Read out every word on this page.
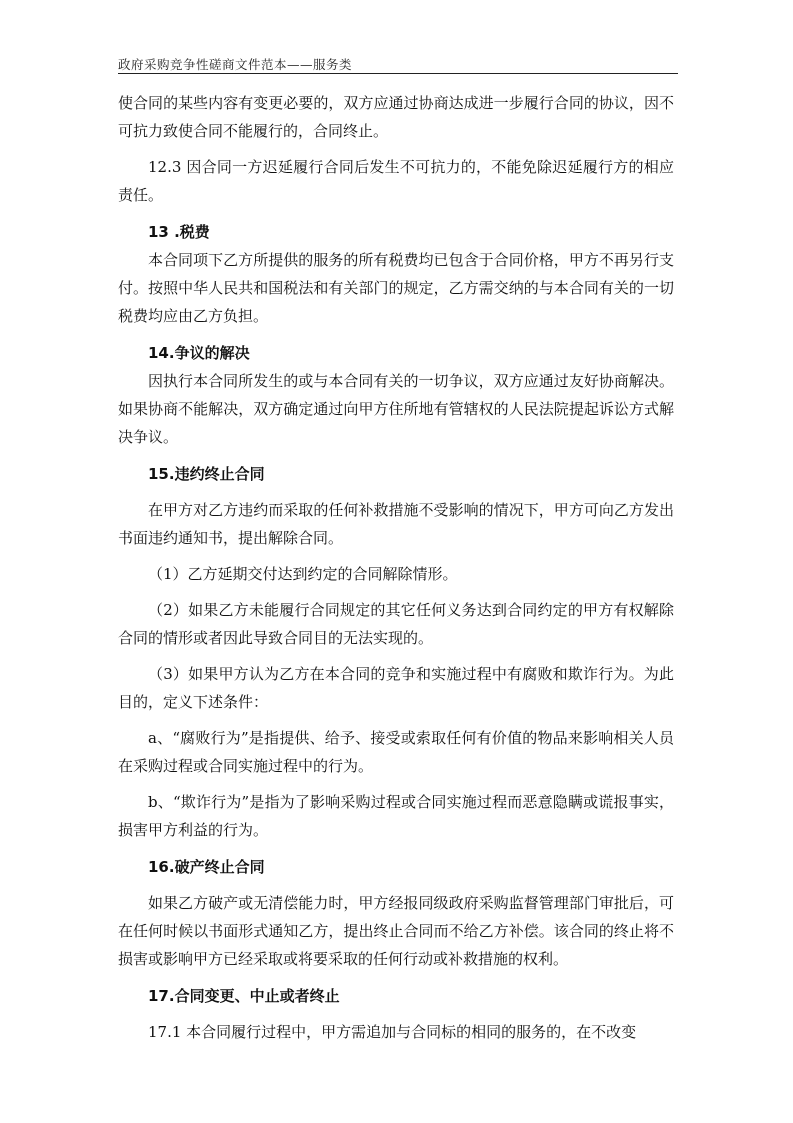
政府采购竞争性磋商文件范本——服务类

使合同的某些内容有变更必要的，双方应通过协商达成进一步履行合同的协议，因不可抗力致使合同不能履行的，合同终止。

12.3 因合同一方迟延履行合同后发生不可抗力的，不能免除迟延履行方的相应责任。

13 .税费

本合同项下乙方所提供的服务的所有税费均已包含于合同价格，甲方不再另行支付。按照中华人民共和国税法和有关部门的规定，乙方需交纳的与本合同有关的一切税费均应由乙方负担。

14.争议的解决

因执行本合同所发生的或与本合同有关的一切争议，双方应通过友好协商解决。如果协商不能解决，双方确定通过向甲方住所地有管辖权的人民法院提起诉讼方式解决争议。

15.违约终止合同

在甲方对乙方违约而采取的任何补救措施不受影响的情况下，甲方可向乙方发出书面违约通知书，提出解除合同。

（1）乙方延期交付达到约定的合同解除情形。

（2）如果乙方未能履行合同规定的其它任何义务达到合同约定的甲方有权解除合同的情形或者因此导致合同目的无法实现的。

（3）如果甲方认为乙方在本合同的竞争和实施过程中有腐败和欺诈行为。为此目的，定义下述条件：

a、“腐败行为”是指提供、给予、接受或索取任何有价值的物品来影响相关人员在采购过程或合同实施过程中的行为。

b、“欺诈行为”是指为了影响采购过程或合同实施过程而恶意隐瞒或谎报事实，损害甲方利益的行为。

16.破产终止合同

如果乙方破产或无清偿能力时，甲方经报同级政府采购监督管理部门审批后，可在任何时候以书面形式通知乙方，提出终止合同而不给乙方补偿。该合同的终止将不损害或影响甲方已经采取或将要采取的任何行动或补救措施的权利。

17.合同变更、中止或者终止

17.1 本合同履行过程中，甲方需追加与合同标的相同的服务的，在不改变
